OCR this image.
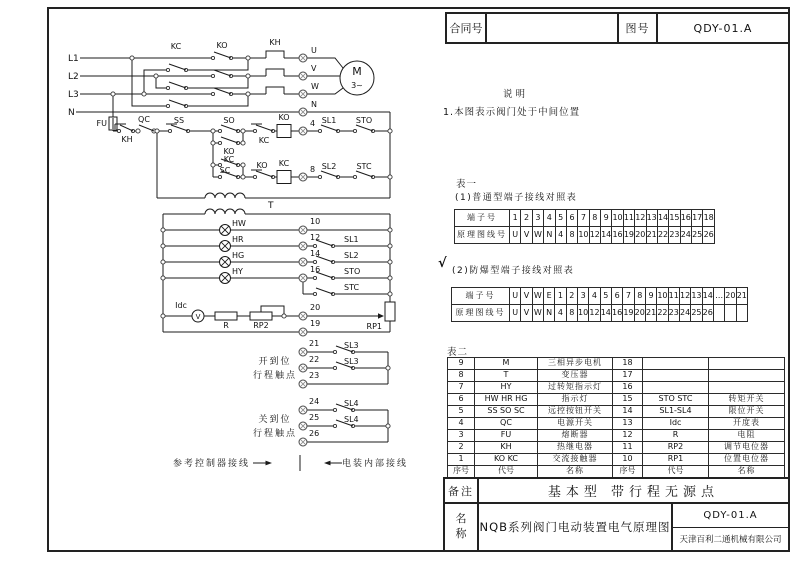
L1
L2
L3
N
KC	KO	KH
U
V
W
N
M
3~
FU
KH
QC	SS	SO
KO
KC
SC
KC
KO
4 SL1 STO
KO KC
8 SL2	STC
T
HW
HR
HG
HY
10
12
14
16
SL1
SL2
STO
STC
Idc
V
R	RP2
20
RP1
19
21
22
23
SL3
SL3
开到位
行程触点
24
25
26
SL4
SL4
关到位
行程触点
参考控制器接线	电装内部接线
合同号	图号	QDY-01.A
说明
1.本图表示阀门处于中间位置
表一
(1)普通型端子接线对照表
端子号	1	2	3	4	5	6	7	8	9	10	11	12	13	14	15	16	17	18
原理图线号	U	V	W	N	4	8	10	12	14	16	19	20	21	22	23	24	25	26
√ (2)防爆型端子接线对照表
端子号	U	V	W	E	1	2	3	4	5	6	7	8	9	10	11	12	13	14	…	20	21
原理图线号	U	V	W	N	4	8	10	12	14	16	19	20	21	22	23	24	25	26			
表二
9	M	三相异步电机	18		
8	T	变压器	17		
7	HY	过转矩指示灯	16		
6	HW HR HG	指示灯	15	STO STC	转矩开关
5	SS SO SC	远控按钮开关	14	SL1-SL4	限位开关
4	QC	电源开关	13	Idc	开度表
3	FU	熔断器	12	R	电阻
2	KH	热继电器	11	RP2	调节电位器
1	KO KC	交流接触器	10	RP1	位置电位器
序号	代号	名称	序号	代号	名称
备注	基本型 带行程无源点
名称 NQB系列阀门电动装置电气原理图
QDY-01.A
天津百利二通机械有限公司
